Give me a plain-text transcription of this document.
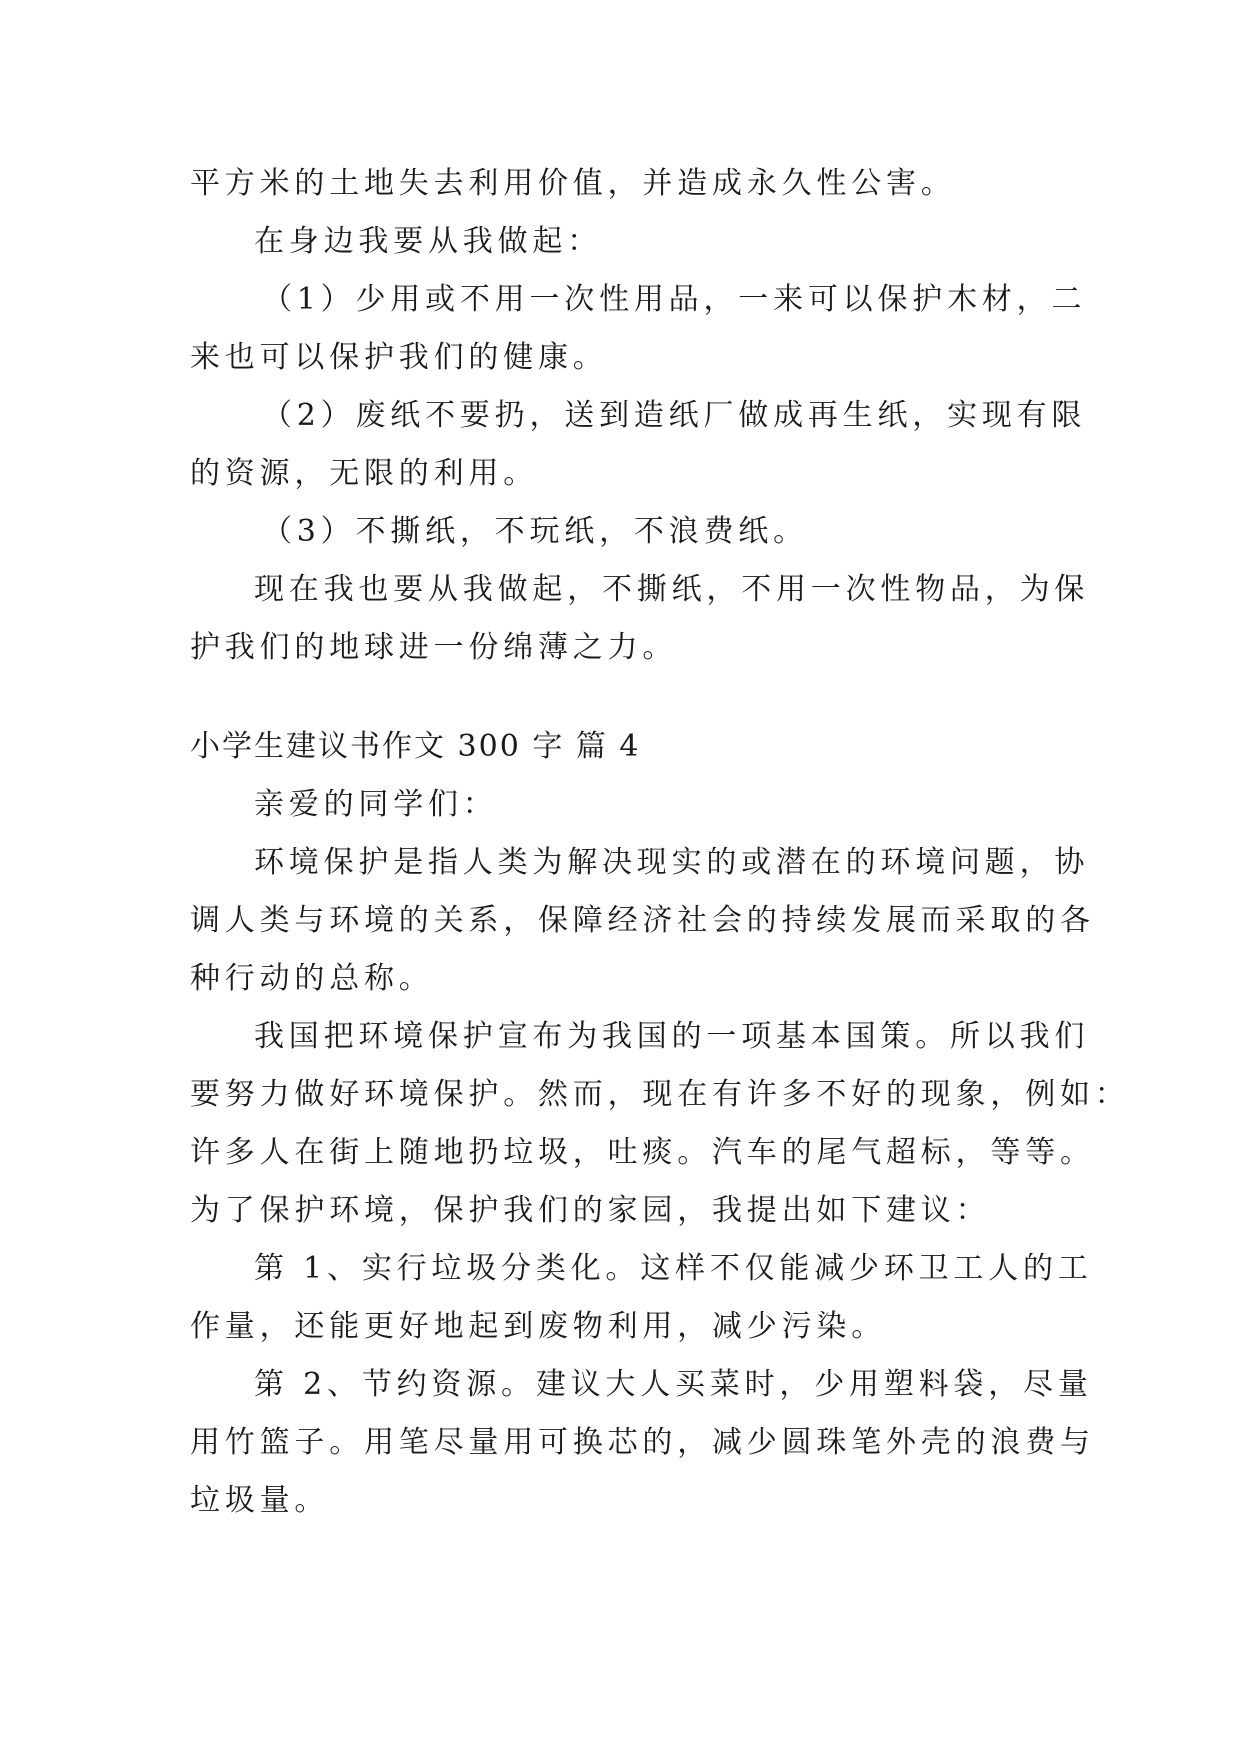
平方米的土地失去利用价值，并造成永久性公害。
在身边我要从我做起：
（1）少用或不用一次性用品，一来可以保护木材，二
来也可以保护我们的健康。
（2）废纸不要扔，送到造纸厂做成再生纸，实现有限
的资源，无限的利用。
（3）不撕纸，不玩纸，不浪费纸。
现在我也要从我做起，不撕纸，不用一次性物品，为保
护我们的地球进一份绵薄之力。
小学生建议书作文 300 字 篇 4
亲爱的同学们：
环境保护是指人类为解决现实的或潜在的环境问题，协
调人类与环境的关系，保障经济社会的持续发展而采取的各
种行动的总称。
我国把环境保护宣布为我国的一项基本国策。所以我们
要努力做好环境保护。然而，现在有许多不好的现象，例如：
许多人在街上随地扔垃圾，吐痰。汽车的尾气超标，等等。
为了保护环境，保护我们的家园，我提出如下建议：
第 1、实行垃圾分类化。这样不仅能减少环卫工人的工
作量，还能更好地起到废物利用，减少污染。
第 2、节约资源。建议大人买菜时，少用塑料袋，尽量
用竹篮子。用笔尽量用可换芯的，减少圆珠笔外壳的浪费与
垃圾量。
